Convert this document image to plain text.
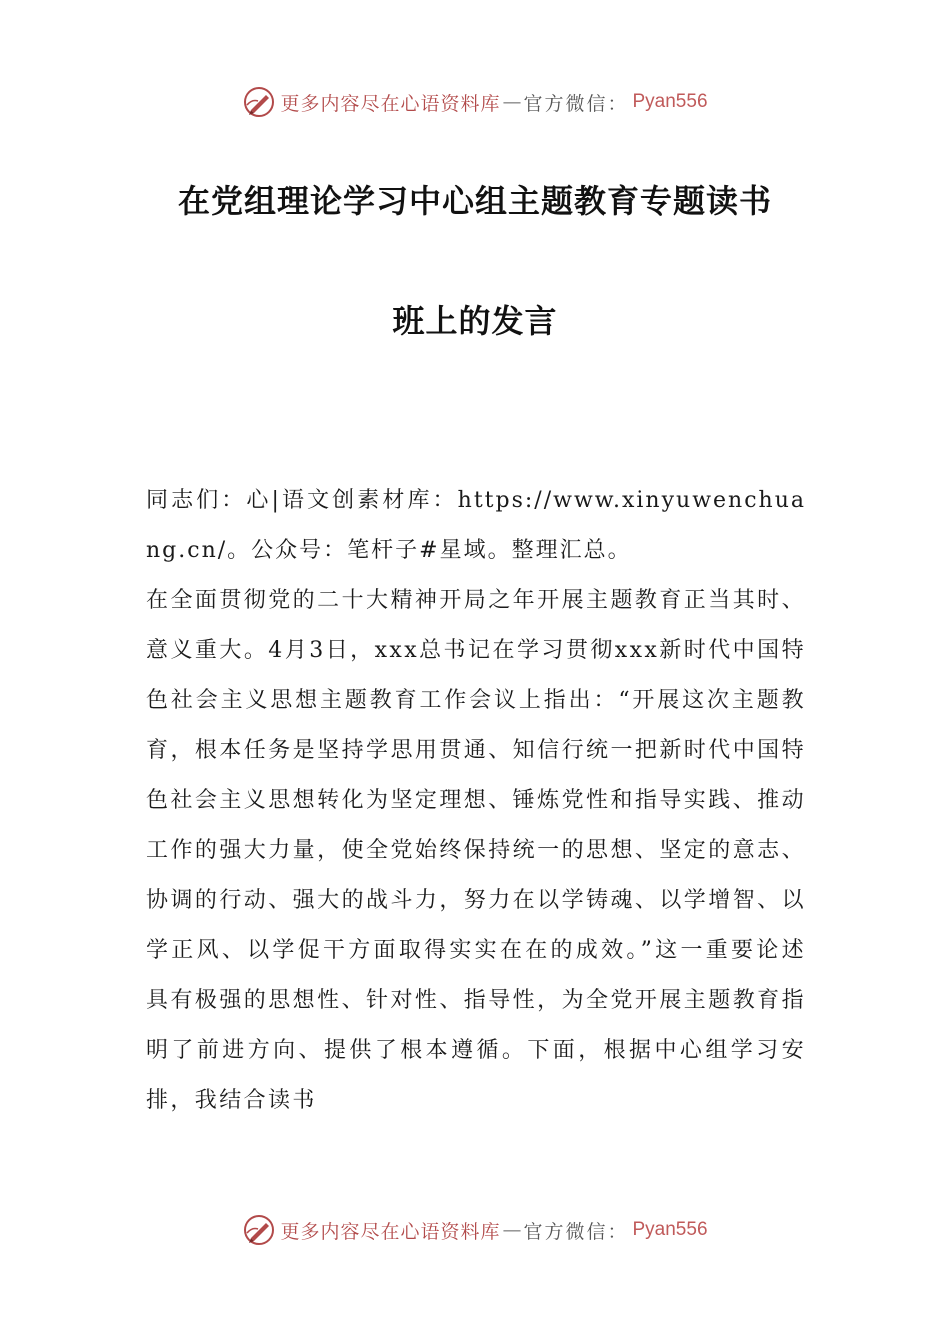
更多内容尽在心语资料库 — 官方微信： Pyan556
在党组理论学习中心组主题教育专题读书
班上的发言

同志们：心|语文创素材库：https://www.xinyuwenchuang.cn/。公众号：笔杆子#星域。整理汇总。

在全面贯彻党的二十大精神开局之年开展主题教育正当其时、意义重大。4月3日，xxx总书记在学习贯彻xxx新时代中国特色社会主义思想主题教育工作会议上指出：“开展这次主题教育，根本任务是坚持学思用贯通、知信行统一把新时代中国特色社会主义思想转化为坚定理想、锤炼党性和指导实践、推动工作的强大力量，使全党始终保持统一的思想、坚定的意志、协调的行动、强大的战斗力，努力在以学铸魂、以学增智、以学正风、以学促干方面取得实实在在的成效。”这一重要论述具有极强的思想性、针对性、指导性，为全党开展主题教育指明了前进方向、提供了根本遵循。下面，根据中心组学习安排，我结合读书

更多内容尽在心语资料库 — 官方微信： Pyan556
